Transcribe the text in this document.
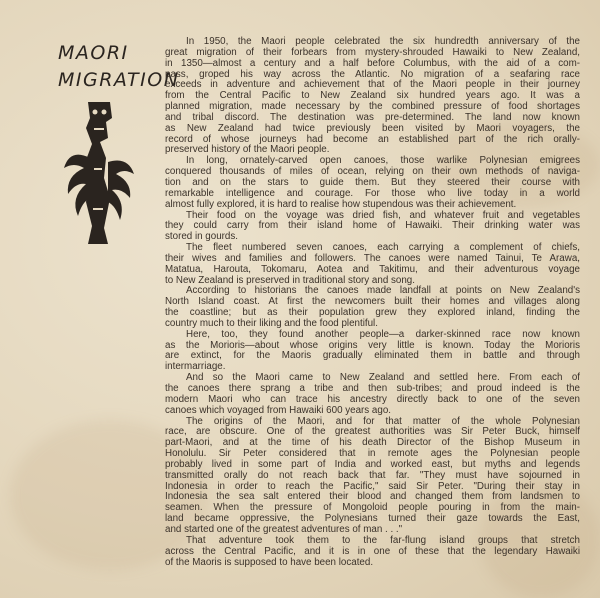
MAORI
MIGRATION
In 1950, the Maori people celebrated the six hundredth anniversary of the
great migration of their forbears from mystery-shrouded Hawaiki to New Zealand,
in 1350—almost a century and a half before Columbus, with the aid of a com-
pass, groped his way across the Atlantic. No migration of a seafaring race
exceeds in adventure and achievement that of the Maori people in their journey
from the Central Pacific to New Zealand six hundred years ago. It was a
planned migration, made necessary by the combined pressure of food shortages
and tribal discord. The destination was pre-determined. The land now known
as New Zealand had twice previously been visited by Maori voyagers, the
record of whose journeys had become an established part of the rich orally-
preserved history of the Maori people.
In long, ornately-carved open canoes, those warlike Polynesian emigrees
conquered thousands of miles of ocean, relying on their own methods of naviga-
tion and on the stars to guide them. But they steered their course with
remarkable intelligence and courage. For those who live today in a world
almost fully explored, it is hard to realise how stupendous was their achievement.
Their food on the voyage was dried fish, and whatever fruit and vegetables
they could carry from their island home of Hawaiki. Their drinking water was
stored in gourds.
The fleet numbered seven canoes, each carrying a complement of chiefs,
their wives and families and followers. The canoes were named Tainui, Te Arawa,
Matatua, Harouta, Tokomaru, Aotea and Takitimu, and their adventurous voyage
to New Zealand is preserved in traditional story and song.
According to historians the canoes made landfall at points on New Zealand's
North Island coast. At first the newcomers built their homes and villages along
the coastline; but as their population grew they explored inland, finding the
country much to their liking and the food plentiful.
Here, too, they found another people—a darker-skinned race now known
as the Morioris—about whose origins very little is known. Today the Morioris
are extinct, for the Maoris gradually eliminated them in battle and through
intermarriage.
And so the Maori came to New Zealand and settled here. From each of
the canoes there sprang a tribe and then sub-tribes; and proud indeed is the
modern Maori who can trace his ancestry directly back to one of the seven
canoes which voyaged from Hawaiki 600 years ago.
The origins of the Maori, and for that matter of the whole Polynesian
race, are obscure. One of the greatest authorities was Sir Peter Buck, himself
part-Maori, and at the time of his death Director of the Bishop Museum in
Honolulu. Sir Peter considered that in remote ages the Polynesian people
probably lived in some part of India and worked east, but myths and legends
transmitted orally do not reach back that far. "They must have sojourned in
Indonesia in order to reach the Pacific," said Sir Peter. "During their stay in
Indonesia the sea salt entered their blood and changed them from landsmen to
seamen. When the pressure of Mongoloid people pouring in from the main-
land became oppressive, the Polynesians turned their gaze towards the East,
and started one of the greatest adventures of man . . ."
That adventure took them to the far-flung island groups that stretch
across the Central Pacific, and it is in one of these that the legendary Hawaiki
of the Maoris is supposed to have been located.
